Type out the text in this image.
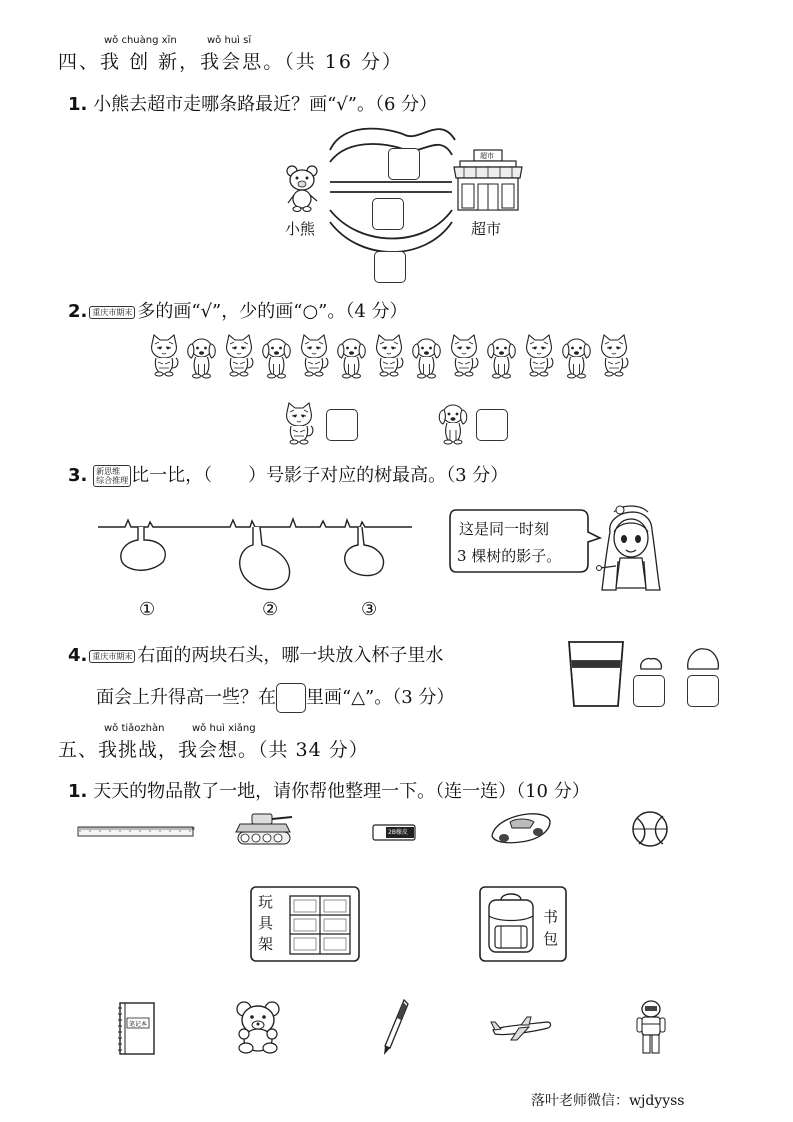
wǒ chuàng xīn	wǒ huì sī
四、我 创 新，我会思。（共 16 分）
1. 小熊去超市走哪条路最近？画“√”。（6 分）
小熊
超市
超市
2. 重庆市期末 多的画“√”，少的画“○”。（4 分）
3. 新思维
综合推理 比一比，（　　）号影子对应的树最高。（3 分）
①	②	③
这是同一时刻
3 棵树的影子。
4. 重庆市期末 右面的两块石头，哪一块放入杯子里水
面会上升得高一些？在 里画“△”。（3 分）
wǒ tiǎozhàn	wǒ huì xiǎng
五、我挑战，我会想。（共 34 分）
1. 天天的物品散了一地，请你帮他整理一下。（连一连）（10 分）
2B橡皮
玩
具
架
书
包
笔记本
落叶老师微信：wjdyyss
